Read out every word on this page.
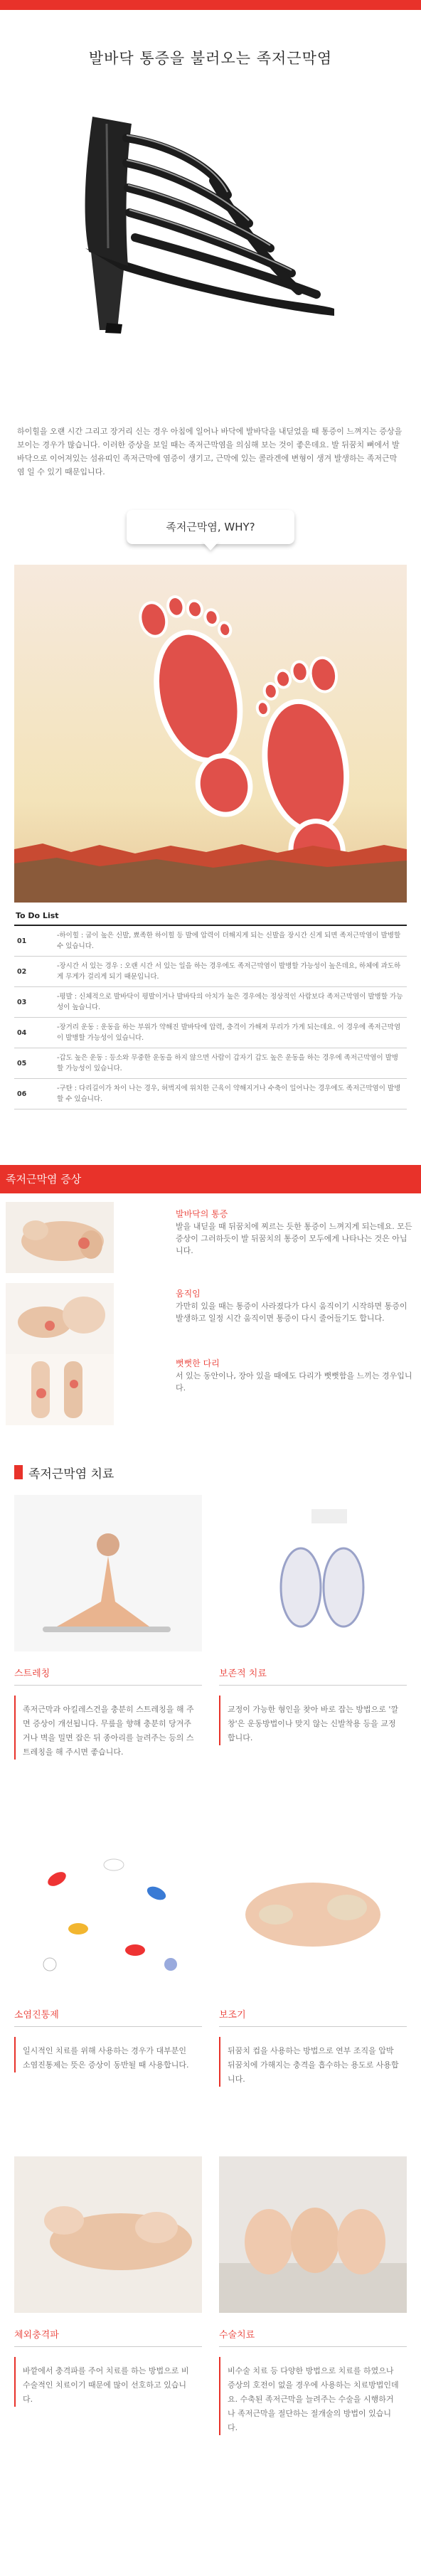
발바닥 통증을 불러오는 족저근막염
하이힐을 오랜 시간 그리고 장거리 신는 경우 아침에 일어나 바닥에 발바닥을 내딛었을 때 통증이 느껴지는 증상을 보이는 경우가 많습니다. 이러한 증상을 보일 때는 족저근막염을 의심해 보는 것이 좋은데요. 발 뒤꿈치 뼈에서 발바닥으로 이어져있는 섬유띠인 족저근막에 염증이 생기고, 근막에 있는 콜라겐에 변형이 생겨 발생하는 족저근막염 일 수 있기 때문입니다.
족저근막염, WHY?
To Do List
01	-하이힐 : 굽이 높은 신발, 뾰족한 하이힐 등 발에 압력이 더해지게 되는 신발을 장시간 신게 되면 족저근막염이 발병할 수 있습니다.
02	-장시간 서 있는 경우 : 오랜 시간 서 있는 일을 하는 경우에도 족저근막염이 발병할 가능성이 높은데요, 하체에 과도하게 무게가 걸리게 되기 때문입니다.
03	-평발 : 신체적으로 발바닥이 평발이거나 발바닥의 아치가 높은 경우에는 정상적인 사람보다 족저근막염이 발병할 가능성이 높습니다.
04	-장거리 운동 : 운동을 하는 부위가 약해진 발바닥에 압력, 충격이 가해져 무리가 가게 되는데요. 이 경우에 족저근막염이 발병할 가능성이 있습니다.
05	-갑도 높은 운동 : 등소와 무중한 운동을 하지 않으면 사람이 갑자기 갑도 높은 운동을 하는 경우에 족저근막염이 발병할 가능성이 있습니다.
06	-구탄 : 다리길이가 차이 나는 경우, 허벅지에 위치한 근육이 약해지거나 수축이 일어나는 경우에도 족저근막염이 발병할 수 있습니다.
족저근막염 증상
발바닥의 통증
발을 내딛을 때 뒤꿈치에 찌르는 듯한 통증이 느껴지게 되는데요. 모든 증상이 그러하듯이 발 뒤꿈치의 통증이 모두에게 나타나는 것은 아닙니다.
움직임
가만히 있을 때는 통증이 사라졌다가 다시 움직이기 시작하면 통증이 발생하고 일정 시간 움직이면 통증이 다시 줄어들기도 합니다.
뻣뻣한 다리
서 있는 동안이나, 장아 있을 때에도 다리가 뻣뻣함을 느끼는 경우입니다.
족저근막염 치료
스트레칭
족저근막과 아킬레스건을 충분히 스트레칭을 해 주면 증상이 개선됩니다. 무릎을 향해 충분히 당겨주거나 벽을 밀면 잡은 뒤 종아리를 늘려주는 등의 스트레칭을 해 주시면 좋습니다.
보존적 치료
교정이 가능한 형인을 찾아 바로 잡는 방법으로 '깔창'은 운동방법이나 맞지 않는 신발착용 등을 교정합니다.
소염진통제
일시적인 치료를 위해 사용하는 경우가 대부분인 소염진통제는 뜻은 증상이 동반될 때 사용합니다.
보조기
뒤꿈치 컵을 사용하는 방법으로 연부 조직을 압박 뒤꿈치에 가해지는 충격을 흡수하는 용도로 사용합니다.
체외충격파
바깥에서 충격파를 주어 치료를 하는 방법으로 비 수술적인 치료이기 때문에 많이 선호하고 있습니다.
수술치료
비수술 치료 등 다양한 방법으로 치료를 하였으나 증상의 호전이 없을 경우에 사용하는 치료방법인데요. 수축된 족저근막을 늘려주는 수술을 시행하거나 족저근막을 절단하는 절개술의 방법이 있습니다.
